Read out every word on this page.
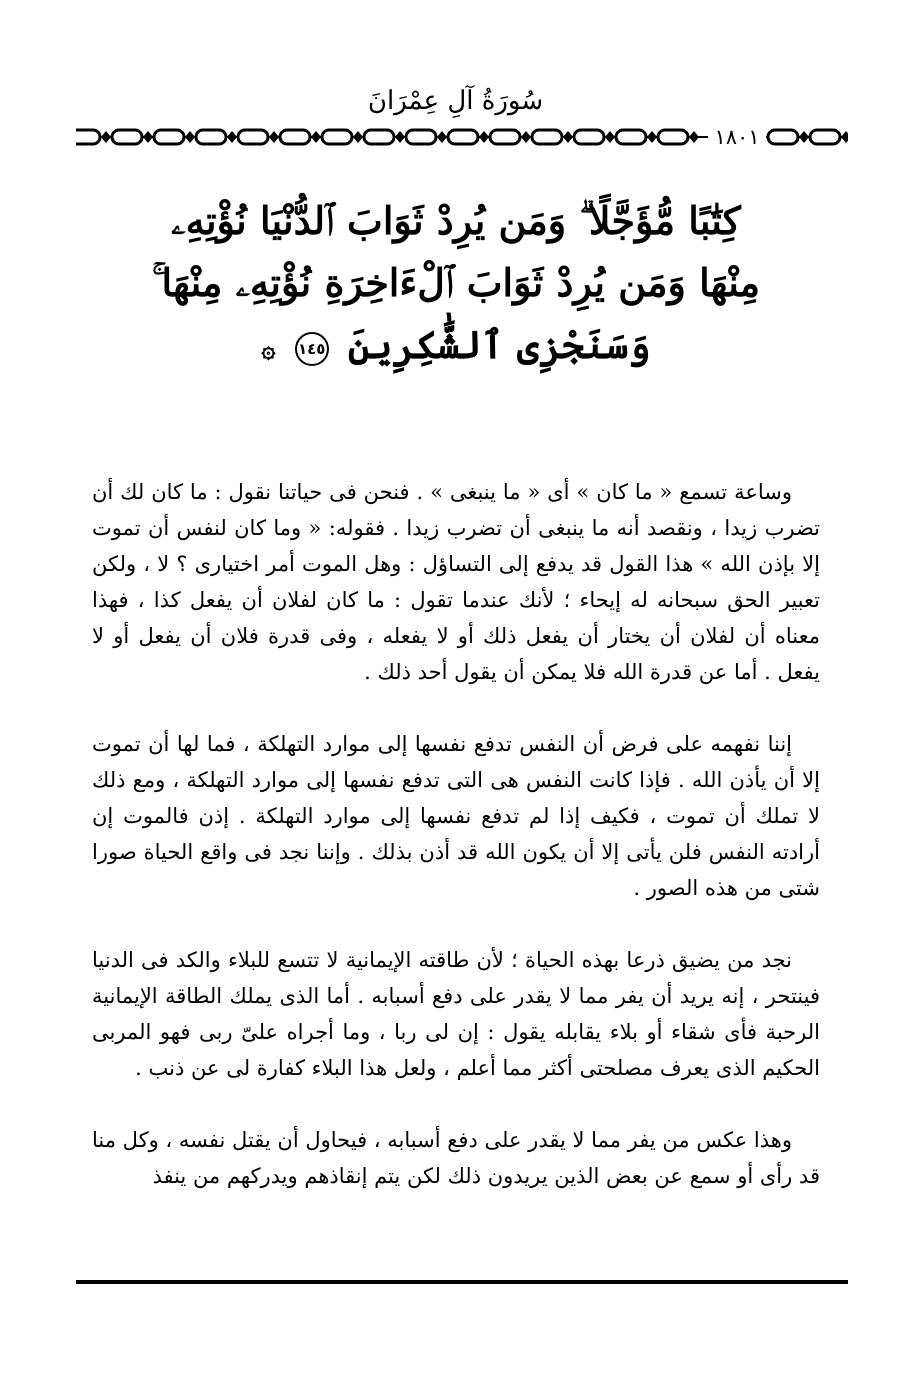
سُورَةُ آلِ عِمْرَانَ
١٨٠١
كِتَٰبًا مُّؤَجَّلًا ۗ وَمَن يُرِدْ ثَوَابَ ٱلدُّنْيَا نُؤْتِهِۦ
مِنْهَا وَمَن يُرِدْ ثَوَابَ ٱلْءَاخِرَةِ نُؤْتِهِۦ مِنْهَا ۚ
وَسَنَجْزِى ٱلشَّٰكِرِينَ ١٤٥ ۞

وساعة تسمع « ما كان » أى « ما ينبغى » . فنحن فى حياتنا نقول : ما كان لك أن تضرب زيدا ، ونقصد أنه ما ينبغى أن تضرب زيدا . فقوله: « وما كان لنفس أن تموت إلا بإذن الله » هذا القول قد يدفع إلى التساؤل : وهل الموت أمر اختيارى ؟ لا ، ولكن تعبير الحق سبحانه له إيحاء ؛ لأنك عندما تقول : ما كان لفلان أن يفعل كذا ، فهذا معناه أن لفلان أن يختار أن يفعل ذلك أو لا يفعله ، وفى قدرة فلان أن يفعل أو لا يفعل . أما عن قدرة الله فلا يمكن أن يقول أحد ذلك .

إننا نفهمه على فرض أن النفس تدفع نفسها إلى موارد التهلكة ، فما لها أن تموت إلا أن يأذن الله . فإذا كانت النفس هى التى تدفع نفسها إلى موارد التهلكة ، ومع ذلك لا تملك أن تموت ، فكيف إذا لم تدفع نفسها إلى موارد التهلكة . إذن فالموت إن أرادته النفس فلن يأتى إلا أن يكون الله قد أذن بذلك . وإننا نجد فى واقع الحياة صورا شتى من هذه الصور .

نجد من يضيق ذرعا بهذه الحياة ؛ لأن طاقته الإيمانية لا تتسع للبلاء والكد فى الدنيا فينتحر ، إنه يريد أن يفر مما لا يقدر على دفع أسبابه . أما الذى يملك الطاقة الإيمانية الرحبة فأى شقاء أو بلاء يقابله يقول : إن لى ربا ، وما أجراه علىّ ربى فهو المربى الحكيم الذى يعرف مصلحتى أكثر مما أعلم ، ولعل هذا البلاء كفارة لى عن ذنب .

وهذا عكس من يفر مما لا يقدر على دفع أسبابه ، فيحاول أن يقتل نفسه ، وكل منا قد رأى أو سمع عن بعض الذين يريدون ذلك لكن يتم إنقاذهم ويدركهم من ينفذ
